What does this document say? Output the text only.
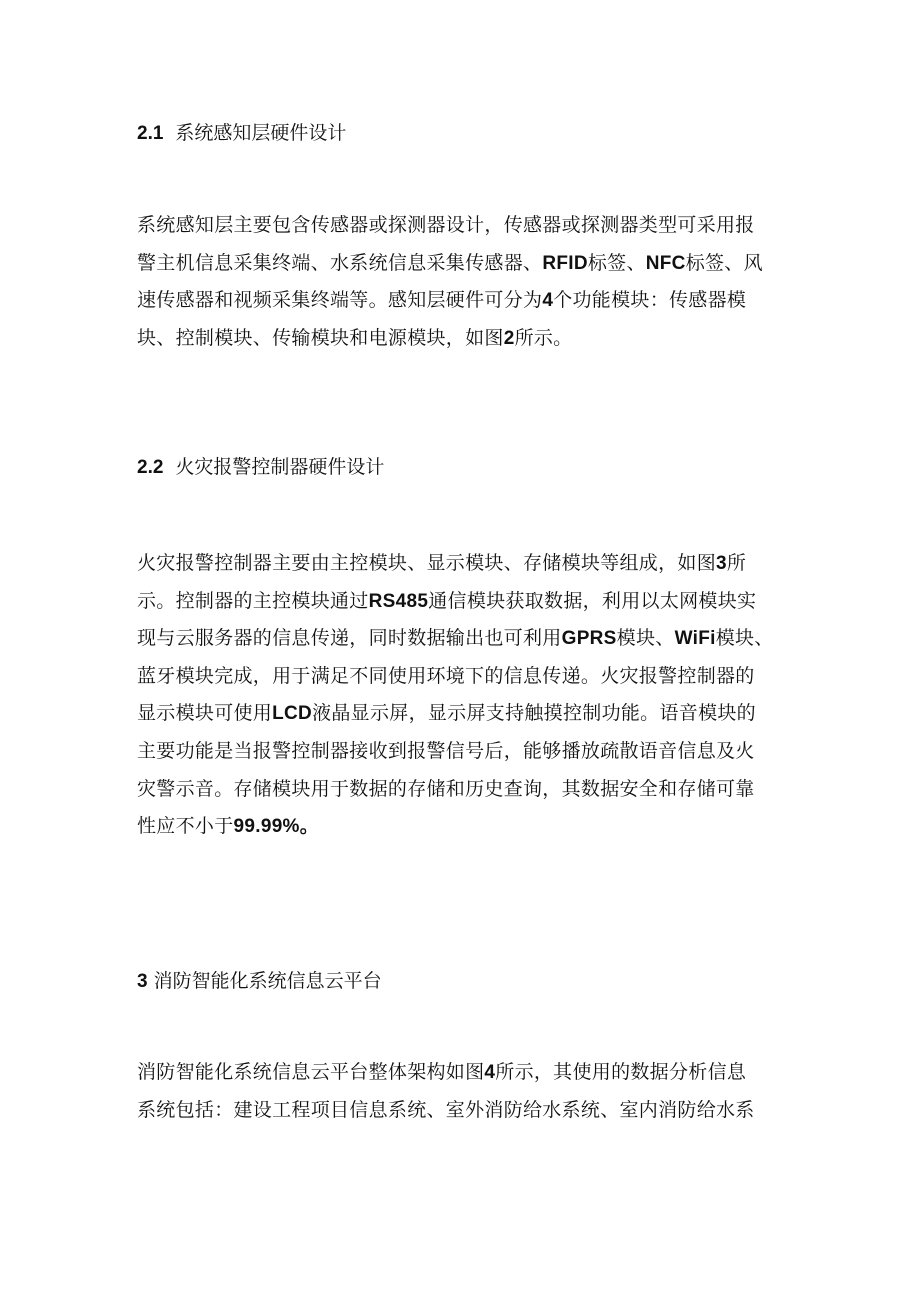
2.1 系统感知层硬件设计
系统感知层主要包含传感器或探测器设计，传感器或探测器类型可采用报
警主机信息采集终端、水系统信息采集传感器、RFID标签、NFC标签、风
速传感器和视频采集终端等。感知层硬件可分为4个功能模块：传感器模
块、控制模块、传输模块和电源模块，如图2所示。
2.2 火灾报警控制器硬件设计
火灾报警控制器主要由主控模块、显示模块、存储模块等组成，如图3所
示。控制器的主控模块通过RS485通信模块获取数据，利用以太网模块实
现与云服务器的信息传递，同时数据输出也可利用GPRS模块、WiFi模块、
蓝牙模块完成，用于满足不同使用环境下的信息传递。火灾报警控制器的
显示模块可使用LCD液晶显示屏，显示屏支持触摸控制功能。语音模块的
主要功能是当报警控制器接收到报警信号后，能够播放疏散语音信息及火
灾警示音。存储模块用于数据的存储和历史查询，其数据安全和存储可靠
性应不小于99.99%。
3 消防智能化系统信息云平台
消防智能化系统信息云平台整体架构如图4所示，其使用的数据分析信息
系统包括：建设工程项目信息系统、室外消防给水系统、室内消防给水系
